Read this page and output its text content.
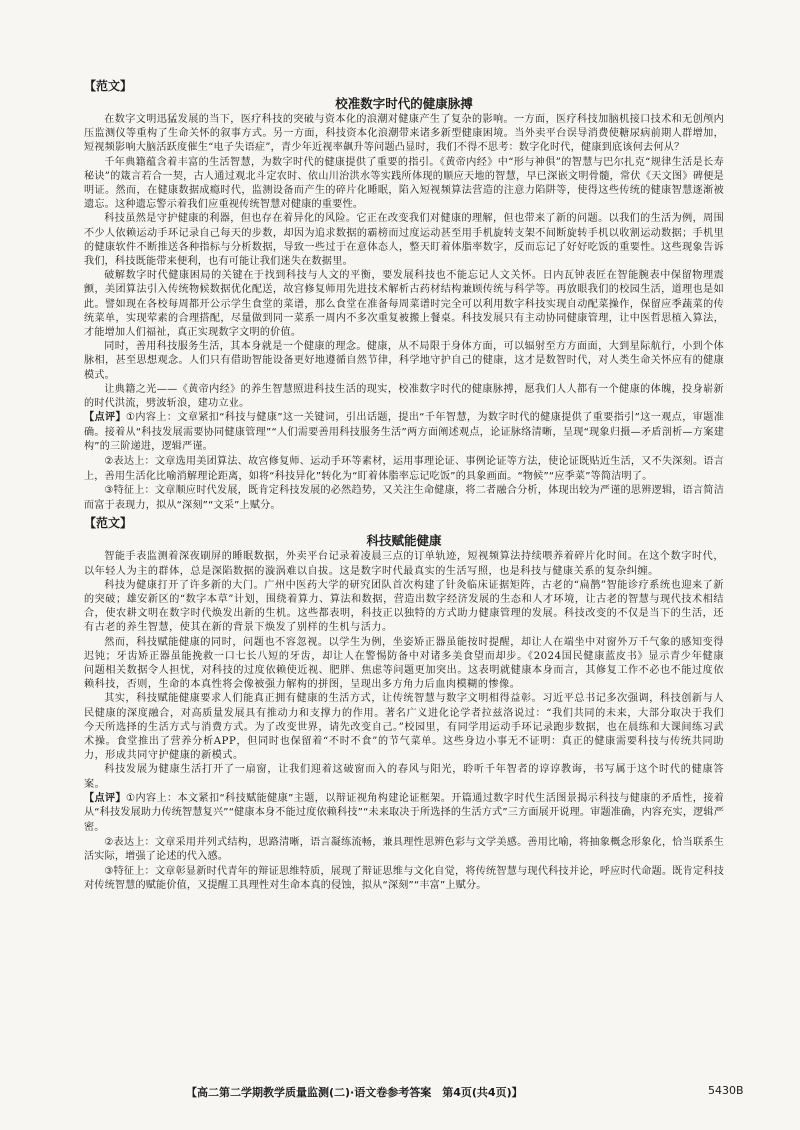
【范文】
校准数字时代的健康脉搏

在数字文明迅猛发展的当下，医疗科技的突破与资本化的浪潮对健康产生了复杂的影响。一方面，医疗科技加脑机接口技术和无创颅内压监测仪等重构了生命关怀的叙事方式。另一方面，科技资本化浪潮带来诸多新型健康困境。当外卖平台误导消费使糖尿病前期人群增加，短视频影响大脑活跃度催生“电子失语症”，青少年近视率飙升等问题凸显时，我们不得不思考：数字化时代，健康到底该何去何从？

千年典籍蕴含着丰富的生活智慧，为数字时代的健康提供了重要的指引。《黄帝内经》中“形与神俱”的智慧与巴尔扎克“规律生活是长寿秘诀”的箴言若合一契，古人通过观北斗定农时、依山川治洪水等实践所体现的顺应天地的智慧，早已深嵌文明骨髓，常伏《天文图》碑便是明证。然而，在健康数据成瘾时代，监测设备而产生的碎片化睡眠，陷入短视频算法营造的注意力陷阱等，使得这些传统的健康智慧逐渐被遗忘。这种遗忘警示着我们应重视传统智慧对健康的重要性。

科技虽然是守护健康的利器，但也存在着异化的风险。它正在改变我们对健康的理解，但也带来了新的问题。以我们的生活为例，周围不少人依赖运动手环记录自己每天的步数，却因为追求数据的霸榜而过度运动甚至用手机旋转支架不间断旋转手机以收割运动数据；手机里的健康软件不断推送各种指标与分析数据，导致一些过于在意体态人，整天盯着体脂率数字，反而忘记了好好吃饭的重要性。这些现象告诉我们，科技既能带来便利，也有可能让我们迷失在数据里。

破解数字时代健康困局的关键在于找到科技与人文的平衡，要发展科技也不能忘记人文关怀。日内瓦钟表匠在智能腕表中保留物理震颤，美团算法引入传统物候数据优化配送，故宫修复师用先进技术解析古药材结构兼顾传统与科学等。再放眼我们的校园生活，道理也是如此。譬如现在各校每周都开公示学生食堂的菜谱，那么食堂在准备每周菜谱时完全可以利用数字科技实现自动配菜操作，保留应季蔬菜的传统菜单，实现荤素的合理搭配，尽量做到同一菜系一周内不多次重复被搬上餐桌。科技发展只有主动协同健康管理，让中医哲思植入算法，才能增加人们福祉，真正实现数字文明的价值。

同时，善用科技服务生活，其本身就是一个健康的理念。健康，从不局限于身体方面，可以辐射至方方面面，大到星际航行，小到个体脉相，甚至思想观念。人们只有借助智能设备更好地遵循自然节律，科学地守护自己的健康，这才是数智时代，对人类生命关怀应有的健康模式。

让典籍之光——《黄帝内经》的养生智慧照进科技生活的现实，校准数字时代的健康脉搏，愿我们人人都有一个健康的体魄，投身崭新的时代洪流，劈波斩浪，建功立业。

【点评】①内容上：文章紧扣“科技与健康”这一关键词，引出话题，提出“千年智慧，为数字时代的健康提供了重要指引”这一观点，审题准确。接着从“科技发展需要协同健康管理”“人们需要善用科技服务生活”两方面阐述观点，论证脉络清晰，呈现“现象归摄—矛盾剖析—方案建构”的三阶递进，逻辑严谨。

②表达上：文章选用美团算法、故宫修复师、运动手环等素材，运用事理论证、事例论证等方法，使论证既贴近生活，又不失深刻。语言上，善用生活化比喻消解理论距离，如将“科技异化”转化为“盯着体脂率忘记吃饭”的具象画面。“物候”“应季菜”等简洁明了。

③特征上：文章顺应时代发展，既肯定科技发展的必然趋势，又关注生命健康，将二者融合分析，体现出较为严谨的思辨逻辑，语言简洁而富于表现力，拟从“深刻”“文采”上赋分。

【范文】
科技赋能健康

智能手表监测着深夜刷屏的睡眠数据，外卖平台记录着凌晨三点的订单轨迹，短视频算法持续喂养着碎片化时间。在这个数字时代，以年轻人为主的群体，总是深陷数据的漩涡难以自拔。这是数字时代最真实的生活写照，也是科技与健康关系的复杂纠缠。

科技为健康打开了许多新的大门。广州中医药大学的研究团队首次构建了针灸临床证据矩阵，古老的“扁鹊”智能诊疗系统也迎来了新的突破；雄安新区的“数字本草”计划，围绕着算力、算法和数据，营造出数字经济发展的生态和人才环境，让古老的智慧与现代技术相结合，使农耕文明在数字时代焕发出新的生机。这些都表明，科技正以独特的方式助力健康管理的发展。科技改变的不仅是当下的生活，还有古老的养生智慧，使其在新的背景下焕发了别样的生机与活力。

然而，科技赋能健康的同时，问题也不容忽视。以学生为例，坐姿矫正器虽能按时提醒，却让人在端坐中对窗外万千气象的感知变得迟钝；牙齿矫正器虽能挽救一口七长八短的牙齿，却让人在警惕防备中对诸多美食望而却步。《2024国民健康蓝皮书》显示青少年健康问题相关数据令人担忧，对科技的过度依赖使近视、肥胖、焦虑等问题更加突出。这表明就健康本身而言，其修复工作不必也不能过度依赖科技，否则，生命的本真性将会像被强力解构的拼图，呈现出多方角力后血肉模糊的惨像。

其实，科技赋能健康要求人们能真正拥有健康的生活方式，让传统智慧与数字文明相得益彰。习近平总书记多次强调，科技创新与人民健康的深度融合，对高质量发展具有推动力和支撑力的作用。著名广义进化论学者拉兹洛说过：“我们共同的未来，大部分取决于我们今天所选择的生活方式与消费方式。为了改变世界，请先改变自己。”校园里，有同学用运动手环记录跑步数据，也在晨练和大课间练习武术操。食堂推出了营养分析APP，但同时也保留着“不时不食”的节气菜单。这些身边小事无不证明：真正的健康需要科技与传统共同助力，形成共同守护健康的新模式。

科技发展为健康生活打开了一扇窗，让我们迎着这破窗而入的春风与阳光，聆听千年智者的谆谆教诲，书写属于这个时代的健康答案。

【点评】①内容上：本文紧扣“科技赋能健康”主题，以辩证视角构建论证框架。开篇通过数字时代生活图景揭示科技与健康的矛盾性，接着从“科技发展助力传统智慧复兴”“健康本身不能过度依赖科技”“未来取决于所选择的生活方式”三方面展开说理。审题准确，内容充实，逻辑严密。

②表达上：文章采用并列式结构，思路清晰，语言凝练流畅，兼具理性思辨色彩与文学美感。善用比喻，将抽象概念形象化，恰当联系生活实际，增强了论述的代入感。

③特征上：文章彰显新时代青年的辩证思维特质，展现了辩证思维与文化自觉，将传统智慧与现代科技并论，呼应时代命题。既肯定科技对传统智慧的赋能价值，又提醒工具理性对生命本真的侵蚀，拟从“深刻”“丰富”上赋分。

【高二第二学期教学质量监测(二)·语文卷参考答案　第4页(共4页)】	5430B
